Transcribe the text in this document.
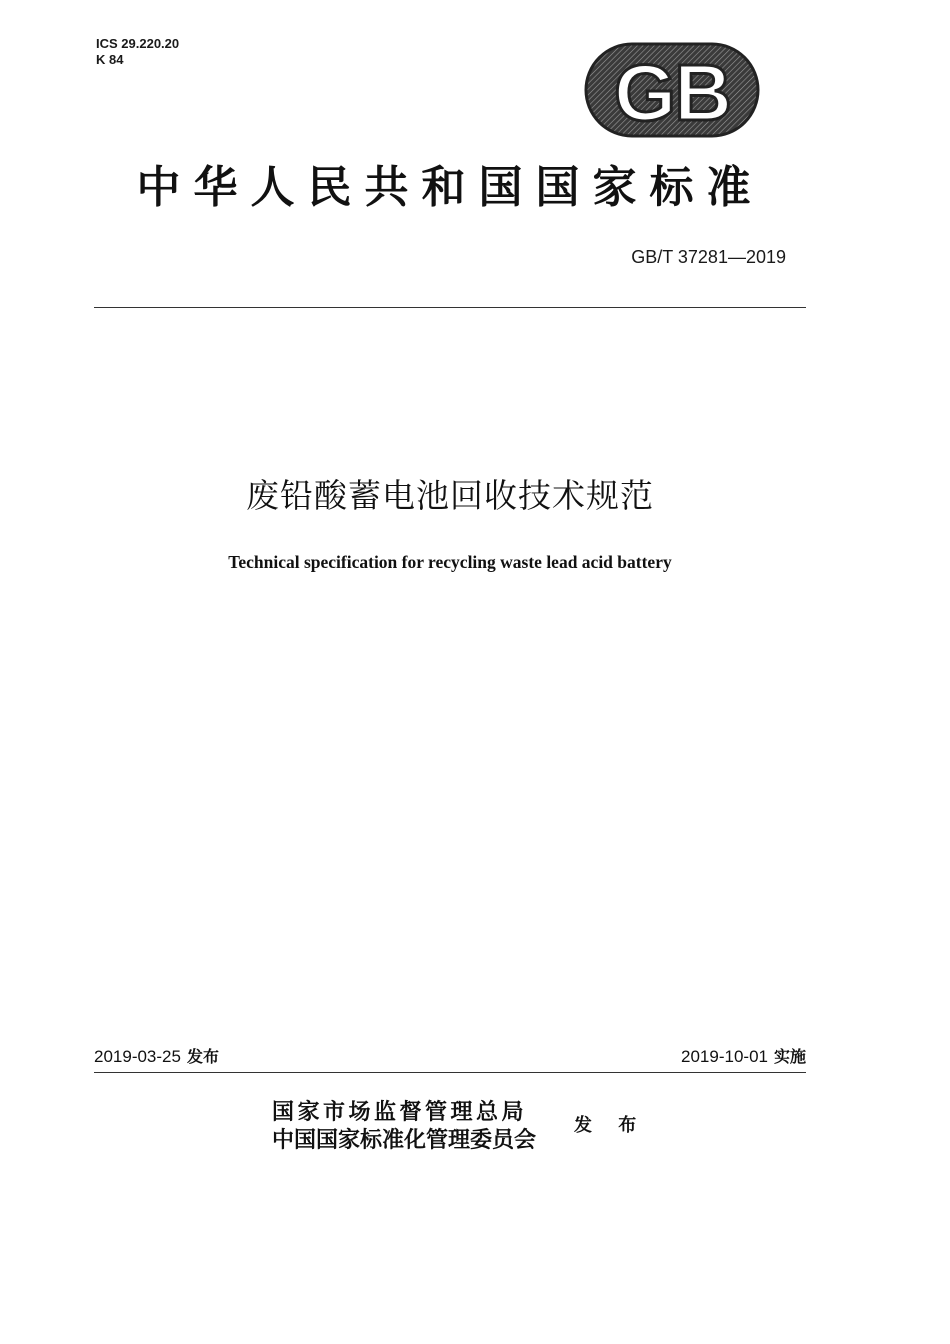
ICS 29.220.20
K 84	GB
中华人民共和国国家标准
GB/T 37281—2019
废铅酸蓄电池回收技术规范
Technical specification for recycling waste lead acid battery
2019-03-25 发布	2019-10-01 实施
国家市场监督管理总局
中国国家标准化管理委员会
发 布
